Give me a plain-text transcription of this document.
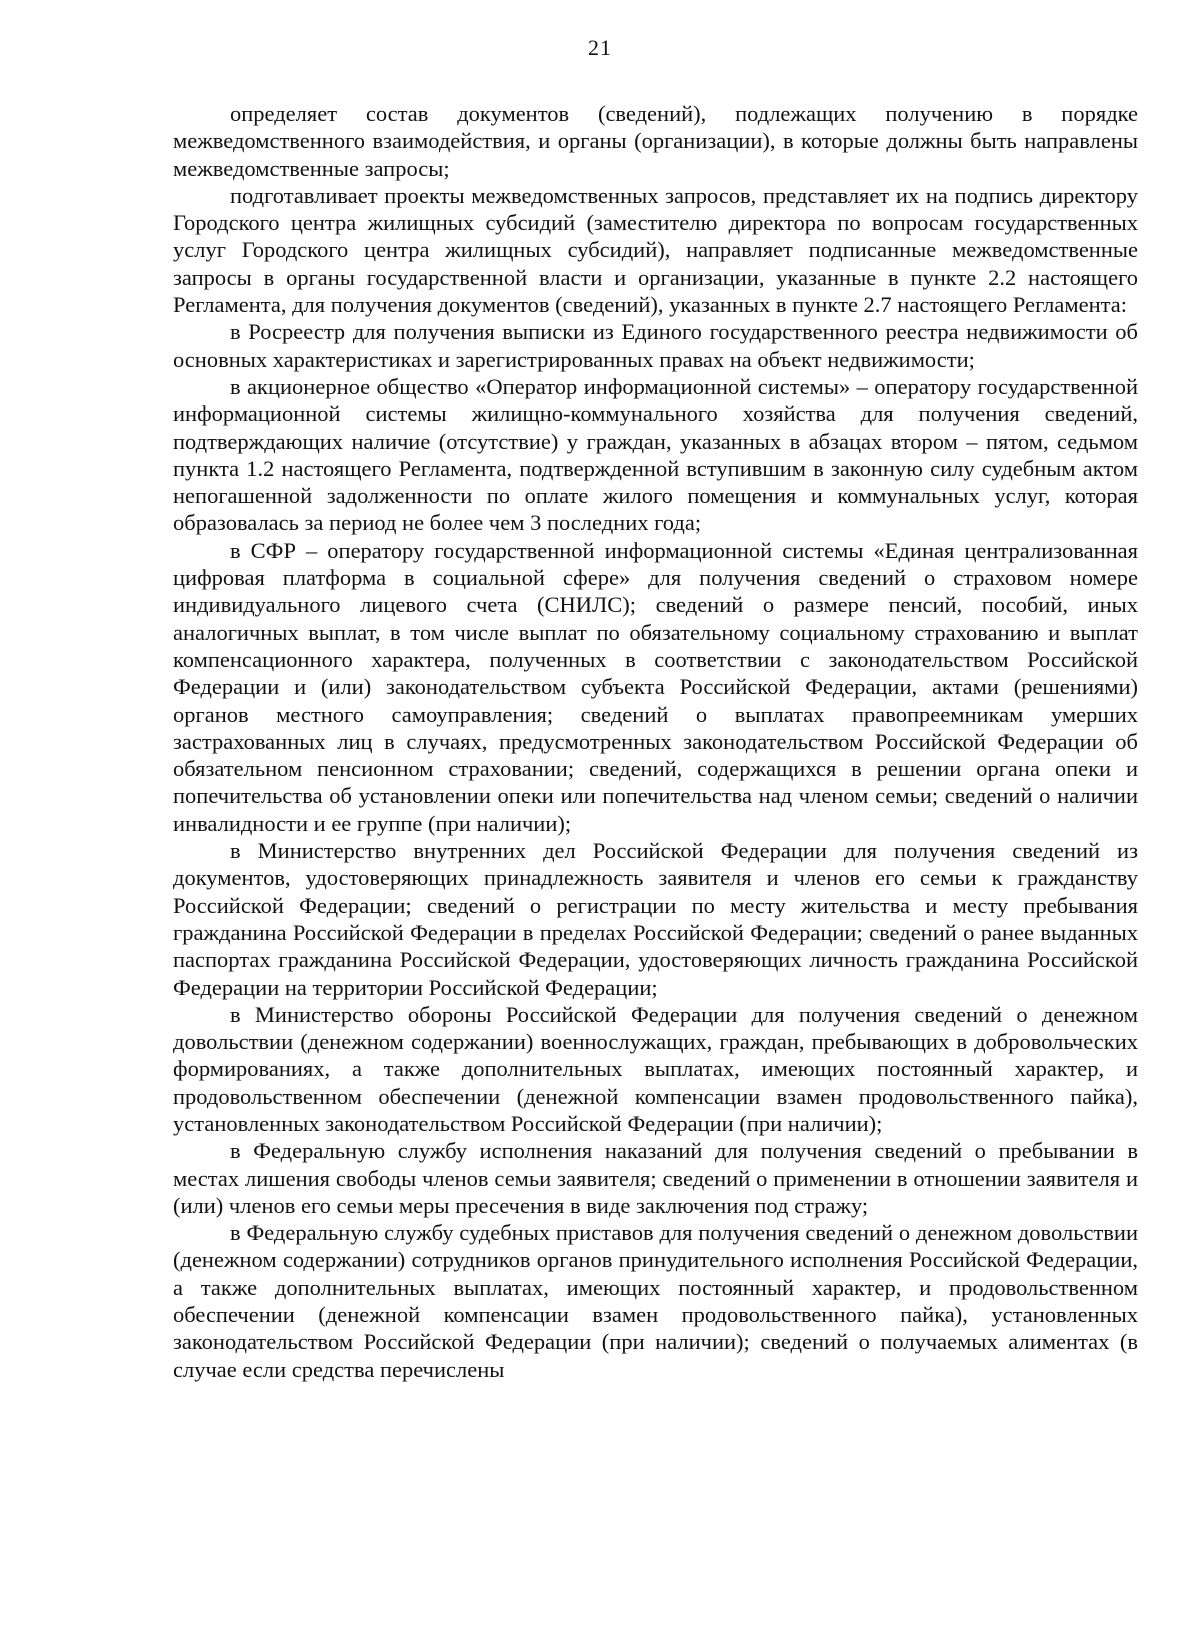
21

определяет состав документов (сведений), подлежащих получению в порядке межведомственного взаимодействия, и органы (организации), в которые должны быть направлены межведомственные запросы;

подготавливает проекты межведомственных запросов, представляет их на подпись директору Городского центра жилищных субсидий (заместителю директора по вопросам государственных услуг Городского центра жилищных субсидий), направляет подписанные межведомственные запросы в органы государственной власти и организации, указанные в пункте 2.2 настоящего Регламента, для получения документов (сведений), указанных в пункте 2.7 настоящего Регламента:

в Росреестр для получения выписки из Единого государственного реестра недвижимости об основных характеристиках и зарегистрированных правах на объект недвижимости;

в акционерное общество «Оператор информационной системы» – оператору государственной информационной системы жилищно-коммунального хозяйства для получения сведений, подтверждающих наличие (отсутствие) у граждан, указанных в абзацах втором – пятом, седьмом пункта 1.2 настоящего Регламента, подтвержденной вступившим в законную силу судебным актом непогашенной задолженности по оплате жилого помещения и коммунальных услуг, которая образовалась за период не более чем 3 последних года;

в СФР – оператору государственной информационной системы «Единая централизованная цифровая платформа в социальной сфере» для получения сведений о страховом номере индивидуального лицевого счета (СНИЛС); сведений о размере пенсий, пособий, иных аналогичных выплат, в том числе выплат по обязательному социальному страхованию и выплат компенсационного характера, полученных в соответствии с законодательством Российской Федерации и (или) законодательством субъекта Российской Федерации, актами (решениями) органов местного самоуправления; сведений о выплатах правопреемникам умерших застрахованных лиц в случаях, предусмотренных законодательством Российской Федерации об обязательном пенсионном страховании; сведений, содержащихся в решении органа опеки и попечительства об установлении опеки или попечительства над членом семьи; сведений о наличии инвалидности и ее группе (при наличии);

в Министерство внутренних дел Российской Федерации для получения сведений из документов, удостоверяющих принадлежность заявителя и членов его семьи к гражданству Российской Федерации; сведений о регистрации по месту жительства и месту пребывания гражданина Российской Федерации в пределах Российской Федерации; сведений о ранее выданных паспортах гражданина Российской Федерации, удостоверяющих личность гражданина Российской Федерации на территории Российской Федерации;

в Министерство обороны Российской Федерации для получения сведений о денежном довольствии (денежном содержании) военнослужащих, граждан, пребывающих в добровольческих формированиях, а также дополнительных выплатах, имеющих постоянный характер, и продовольственном обеспечении (денежной компенсации взамен продовольственного пайка), установленных законодательством Российской Федерации (при наличии);

в Федеральную службу исполнения наказаний для получения сведений о пребывании в местах лишения свободы членов семьи заявителя; сведений о применении в отношении заявителя и (или) членов его семьи меры пресечения в виде заключения под стражу;

в Федеральную службу судебных приставов для получения сведений о денежном довольствии (денежном содержании) сотрудников органов принудительного исполнения Российской Федерации, а также дополнительных выплатах, имеющих постоянный характер, и продовольственном обеспечении (денежной компенсации взамен продовольственного пайка), установленных законодательством Российской Федерации (при наличии); сведений о получаемых алиментах (в случае если средства перечислены
